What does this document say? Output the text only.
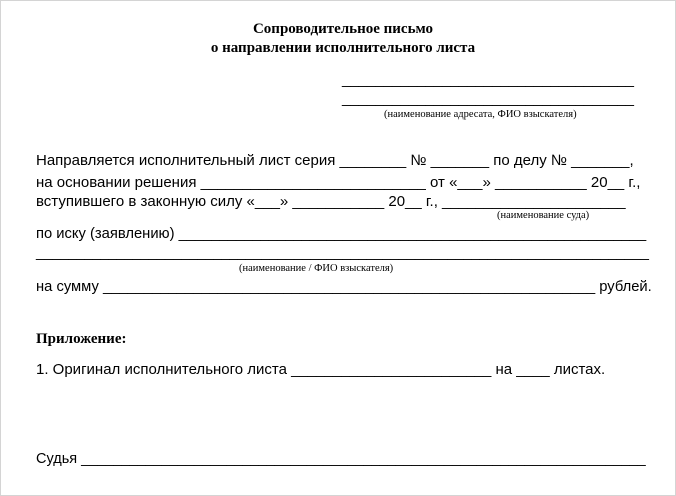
Сопроводительное письмо
о направлении исполнительного листа
___________________________________
___________________________________
(наименование адресата, ФИО взыскателя)
Направляется исполнительный лист серия ________ № _______ по делу № _______,
на основании решения ___________________________ от «___» ___________ 20__ г.,
вступившего в законную силу «___» ___________ 20__ г., ______________________
(наименование суда)
по иску (заявлению) _________________________________________________________
____________________________________________________________________________
(наименование / ФИО взыскателя)
на сумму ____________________________________________________________ рублей.
Приложение:
1. Оригинал исполнительного листа ________________________ на ____ листах.
Судья ______________________________________________________________________
